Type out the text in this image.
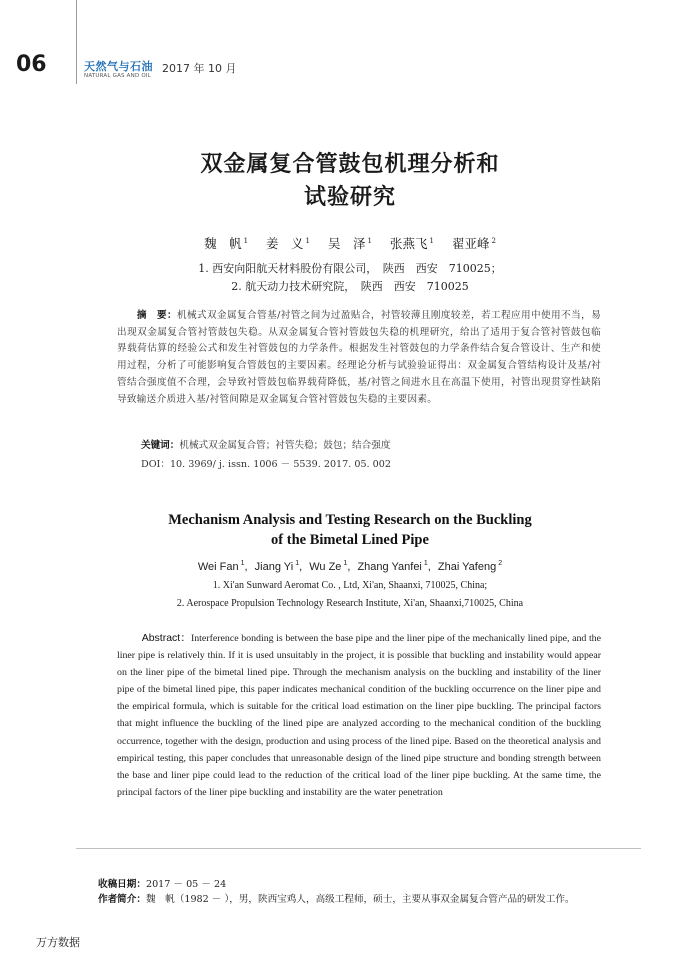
06	天然气与石油
NATURAL GAS AND OIL
2017 年 10 月
双金属复合管鼓包机理分析和
试验研究
魏　帆 $^1$ 姜　义 $^1$ 吴　泽 $^1$ 张燕飞 $^1$ 翟亚峰 $^2$
1. 西安向阳航天材料股份有限公司，　陕西　西安　710025；
2. 航天动力技术研究院，　陕西　西安　710025
  摘　要：机械式双金属复合管基/衬管之间为过盈贴合，衬管较薄且刚度较差，若工程应用中使用不当，易出现双金属复合管衬管鼓包失稳。从双金属复合管衬管鼓包失稳的机理研究，给出了适用于复合管衬管鼓包临界载荷估算的经验公式和发生衬管鼓包的力学条件。根据发生衬管鼓包的力学条件结合复合管设计、生产和使用过程，分析了可能影响复合管鼓包的主要因素。经理论分析与试验验证得出：双金属复合管结构设计及基/衬管结合强度值不合理，会导致衬管鼓包临界载荷降低，基/衬管之间进水且在高温下使用，衬管出现贯穿性缺陷导致输送介质进入基/衬管间隙是双金属复合管衬管鼓包失稳的主要因素。
关键词：机械式双金属复合管；衬管失稳；鼓包；结合强度
DOI：10. 3969/ j. issn. 1006 － 5539. 2017. 05. 002
Mechanism Analysis and Testing Research on the Buckling
of the Bimetal Lined Pipe
Wei Fan $^1$, Jiang Yi $^1$, Wu Ze $^1$, Zhang Yanfei $^1$, Zhai Yafeng $^2$
1. Xi'an Sunward Aeromat Co. , Ltd, Xi'an, Shaanxi, 710025, China;
2. Aerospace Propulsion Technology Research Institute, Xi'an, Shaanxi,710025, China
   Abstract：Interference bonding is between the base pipe and the liner pipe of the mechanically lined pipe, and the liner pipe is relatively thin. If it is used unsuitably in the project, it is possible that buckling and instability would appear on the liner pipe of the bimetal lined pipe. Through the mechanism analysis on the buckling and instability of the liner pipe of the bimetal lined pipe, this paper indicates mechanical condition of the buckling occurrence on the liner pipe and the empirical formula, which is suitable for the critical load estimation on the liner pipe buckling. The principal factors that might influence the buckling of the lined pipe are analyzed according to the mechanical condition of the buckling occurrence, together with the design, production and using process of the lined pipe. Based on the theoretical analysis and empirical testing, this paper concludes that unreasonable design of the lined pipe structure and bonding strength between the base and liner pipe could lead to the reduction of the critical load of the liner pipe buckling. At the same time, the principal factors of the liner pipe buckling and instability are the water penetration
收稿日期：2017 － 05 － 24
作者简介：魏　帆（1982 － ），男，陕西宝鸡人，高级工程师，硕士，主要从事双金属复合管产品的研发工作。
万方数据
